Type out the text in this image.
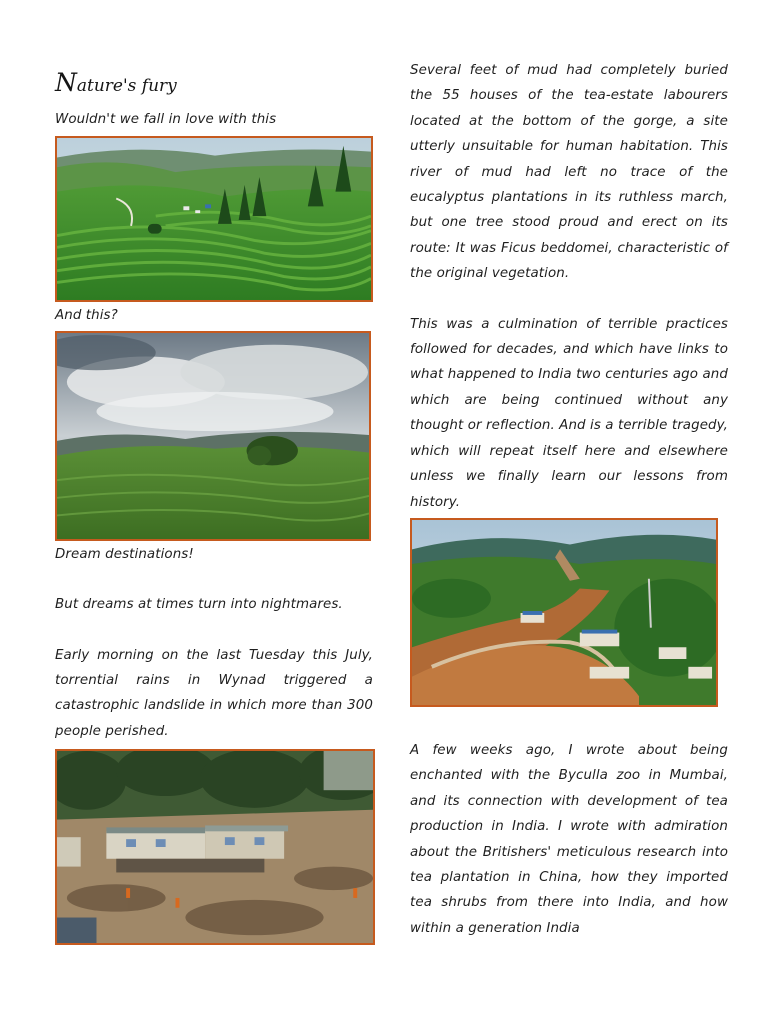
Nature's fury

Wouldn't we fall in love with this

And this?

Dream destinations!

But dreams at times turn into nightmares.

Early morning on the last Tuesday this July, torrential rains in Wynad triggered a catastrophic landslide in which more than 300 people perished.

Several feet of mud had completely buried the 55 houses of the tea-estate labourers located at the bottom of the gorge, a site utterly unsuitable for human habitation. This river of mud had left no trace of the eucalyptus plantations in its ruthless march, but one tree stood proud and erect on its route: It was Ficus beddomei, characteristic of the original vegetation.

This was a culmination of terrible practices followed for decades, and which have links to what happened to India two centuries ago and which are being continued without any thought or reflection. And is a terrible tragedy, which will repeat itself here and elsewhere unless we finally learn our lessons from history.

A few weeks ago, I wrote about being enchanted with the Byculla zoo in Mumbai, and its connection with development of tea production in India. I wrote with admiration about the Britishers' meticulous research into tea plantation in China, how they imported tea shrubs from there into India, and how within a generation India
